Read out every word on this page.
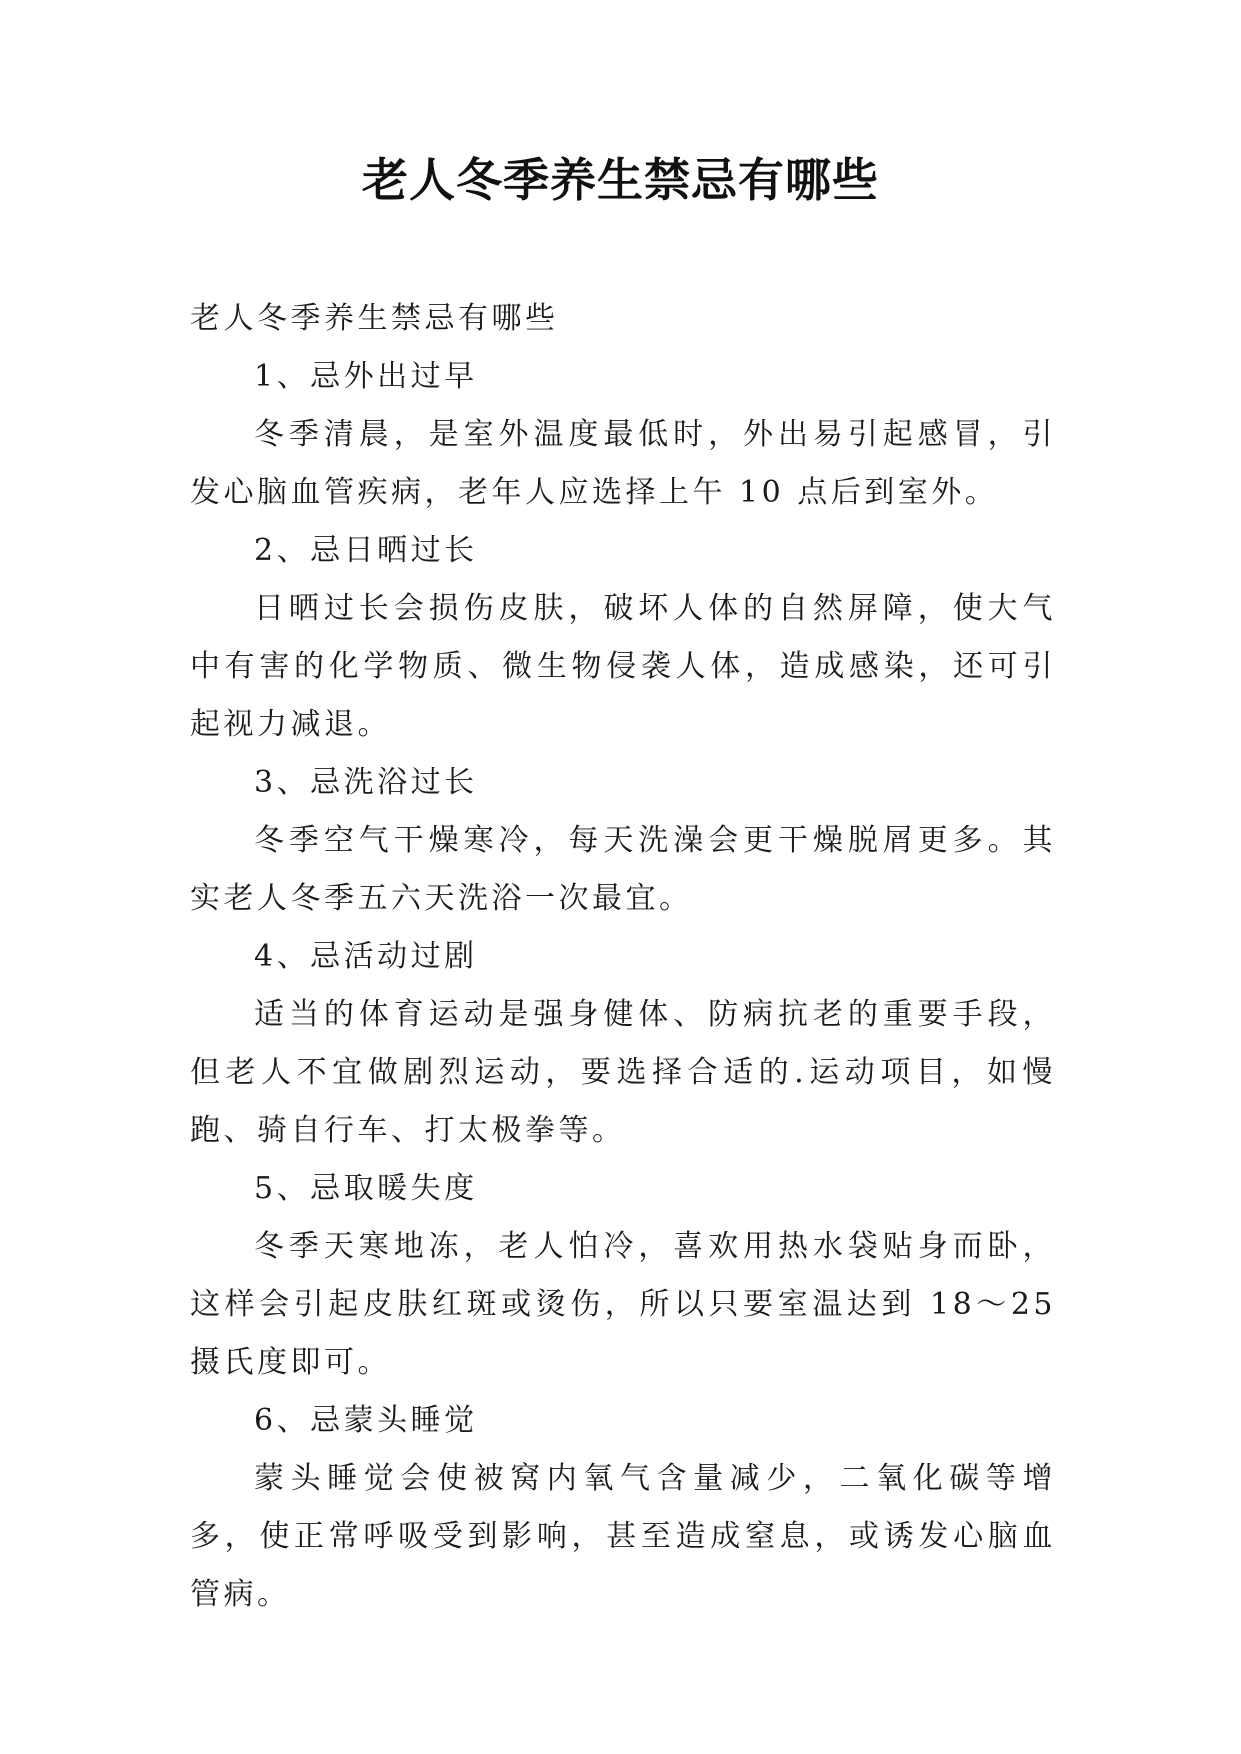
老人冬季养生禁忌有哪些

老人冬季养生禁忌有哪些

1、忌外出过早

冬季清晨，是室外温度最低时，外出易引起感冒，引发心脑血管疾病，老年人应选择上午 10 点后到室外。

2、忌日晒过长

日晒过长会损伤皮肤，破坏人体的自然屏障，使大气中有害的化学物质、微生物侵袭人体，造成感染，还可引起视力减退。

3、忌洗浴过长

冬季空气干燥寒冷，每天洗澡会更干燥脱屑更多。其实老人冬季五六天洗浴一次最宜。

4、忌活动过剧

适当的体育运动是强身健体、防病抗老的重要手段，但老人不宜做剧烈运动，要选择合适的.运动项目，如慢跑、骑自行车、打太极拳等。

5、忌取暖失度

冬季天寒地冻，老人怕冷，喜欢用热水袋贴身而卧，这样会引起皮肤红斑或烫伤，所以只要室温达到 18～25 摄氏度即可。

6、忌蒙头睡觉

蒙头睡觉会使被窝内氧气含量减少，二氧化碳等增多，使正常呼吸受到影响，甚至造成窒息，或诱发心脑血管病。
